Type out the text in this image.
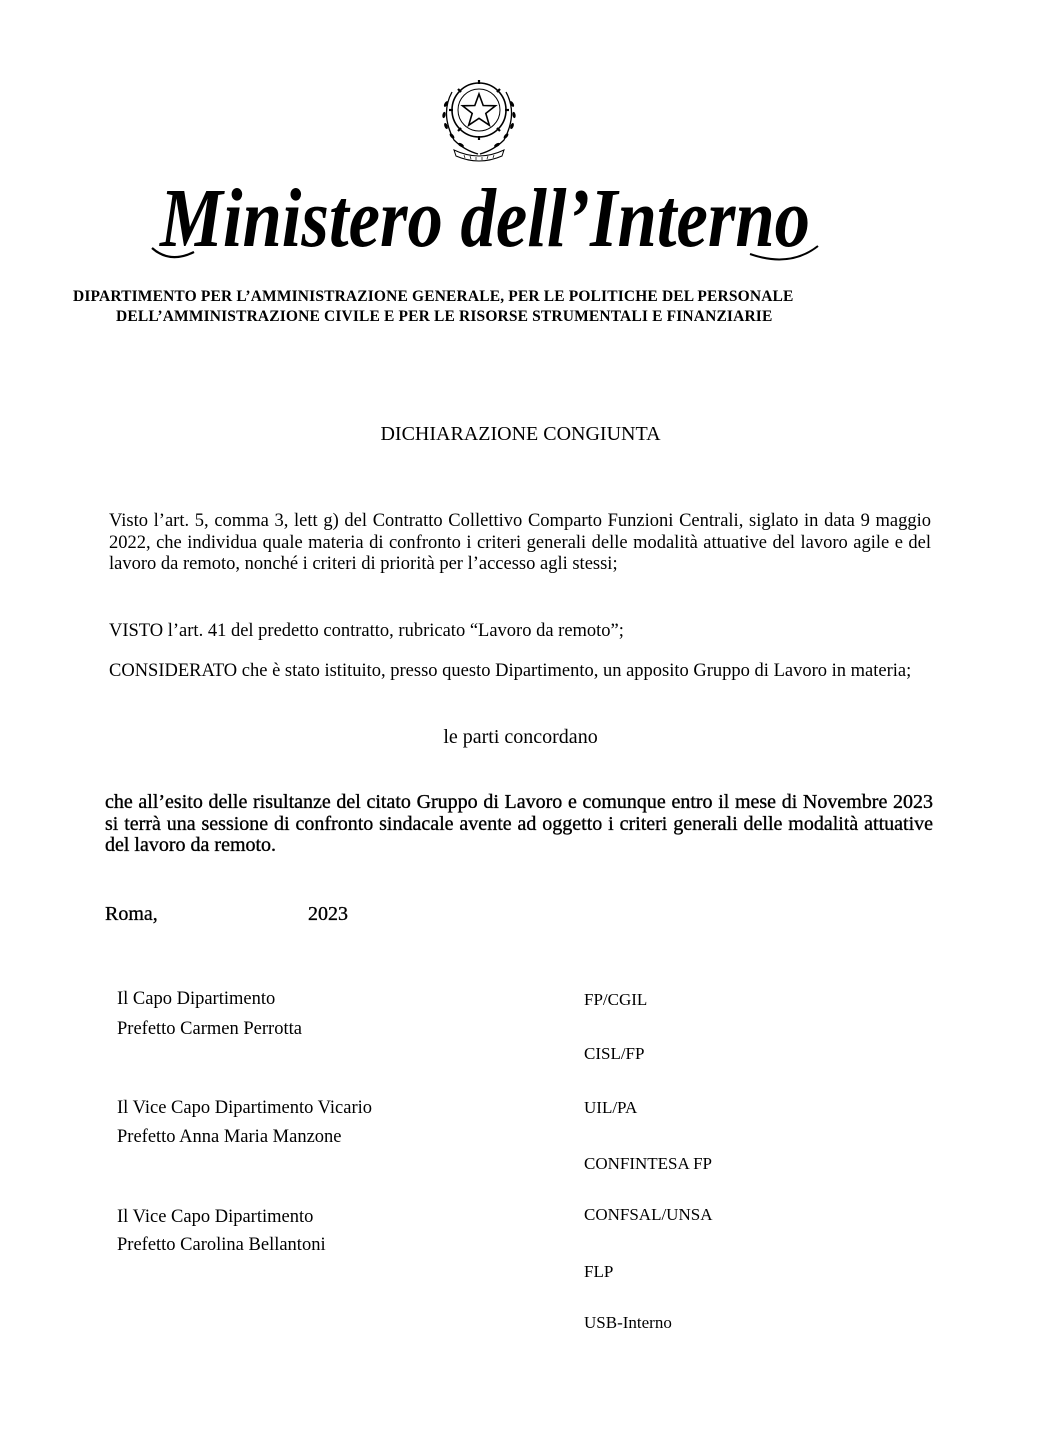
Ministero dell’Interno
DIPARTIMENTO PER L’AMMINISTRAZIONE GENERALE, PER LE POLITICHE DEL PERSONALE
DELL’AMMINISTRAZIONE CIVILE E PER LE RISORSE STRUMENTALI E FINANZIARIE
DICHIARAZIONE CONGIUNTA
Visto l’art. 5, comma 3, lett g) del Contratto Collettivo Comparto Funzioni Centrali, siglato in data 9 maggio 2022, che individua quale materia di confronto i criteri generali delle modalità attuative del lavoro agile e del lavoro da remoto, nonché i criteri di priorità per l’accesso agli stessi;
VISTO l’art. 41 del predetto contratto, rubricato “Lavoro da remoto”;
CONSIDERATO che è stato istituito, presso questo Dipartimento, un apposito Gruppo di Lavoro in materia;
le parti concordano
che all’esito delle risultanze del citato Gruppo di Lavoro e comunque entro il mese di Novembre 2023 si terrà una sessione di confronto sindacale avente ad oggetto i criteri generali delle modalità attuative del lavoro da remoto.
Roma,	2023
Il Capo Dipartimento
Prefetto Carmen Perrotta
Il Vice Capo Dipartimento Vicario
Prefetto Anna Maria Manzone
Il Vice Capo Dipartimento
Prefetto Carolina Bellantoni
FP/CGIL
CISL/FP
UIL/PA
CONFINTESA FP
CONFSAL/UNSA
FLP
USB-Interno
